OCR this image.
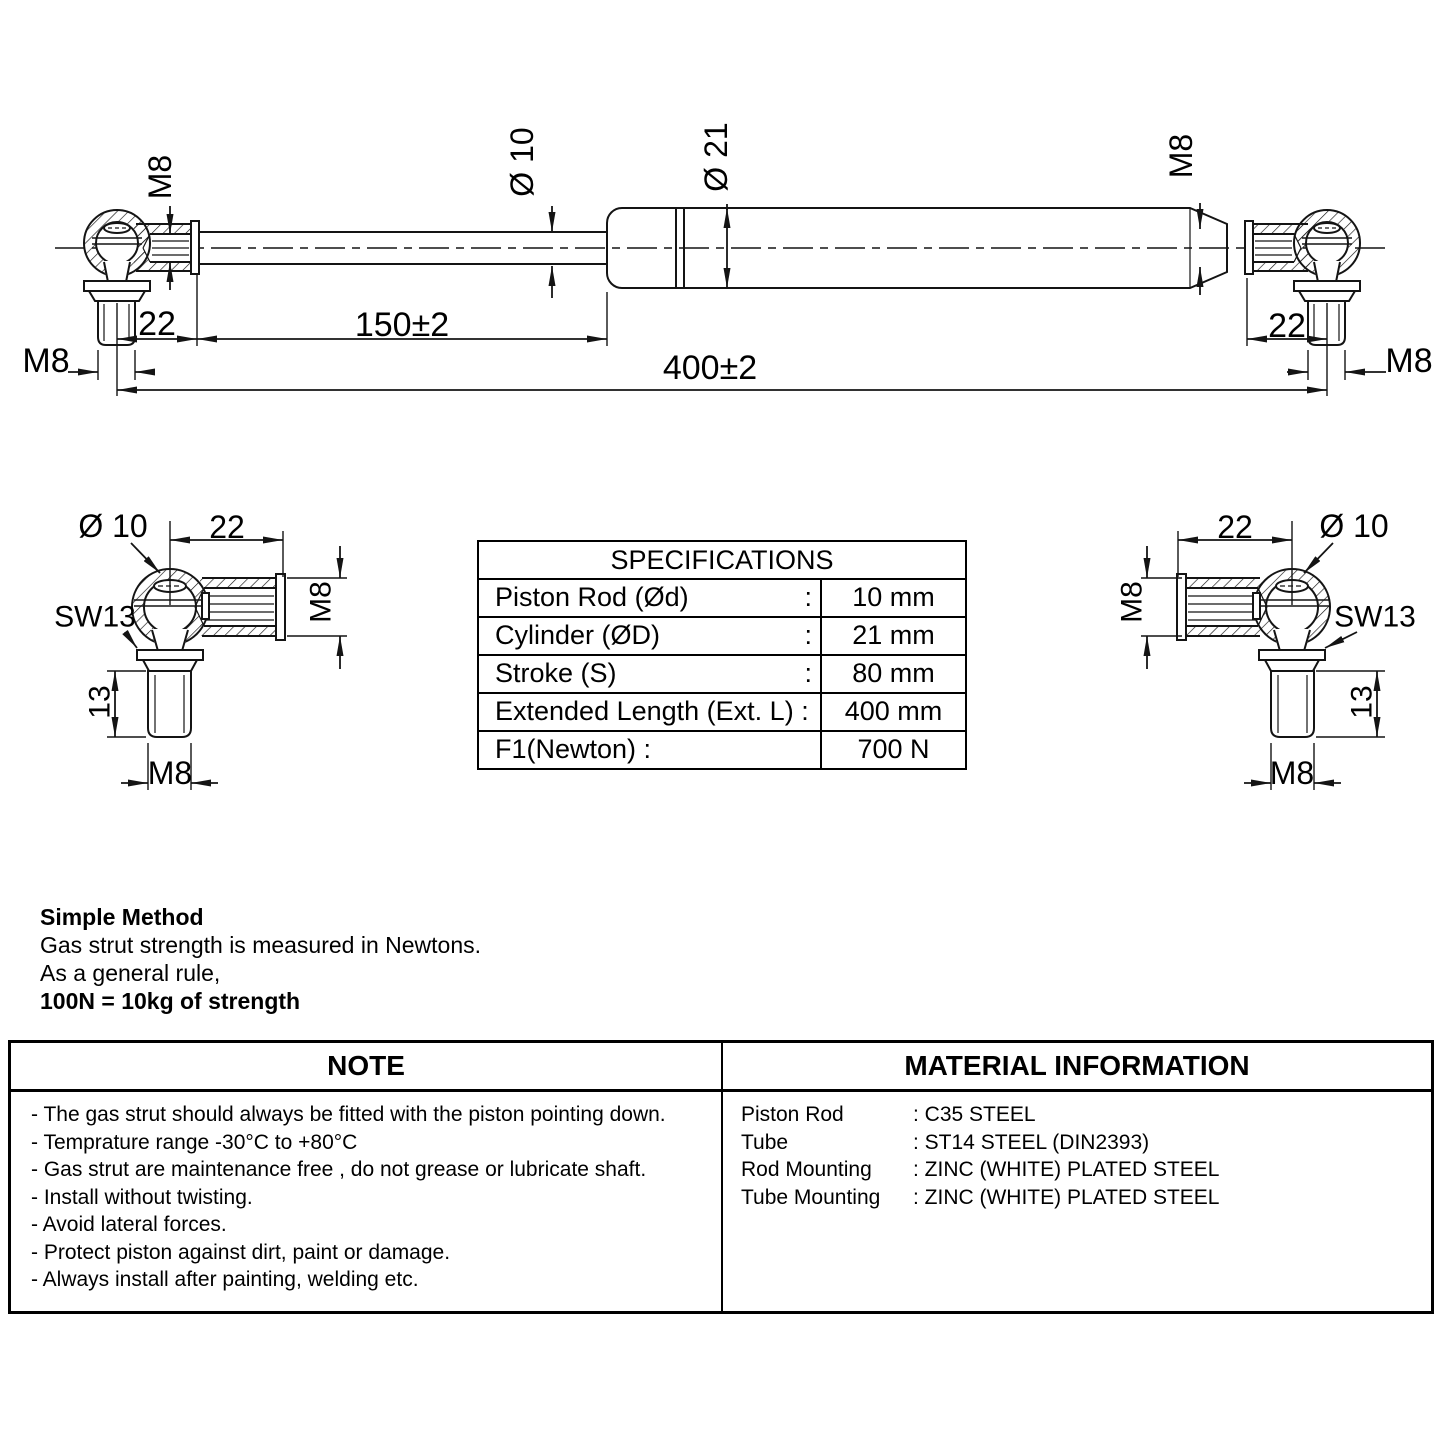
M8	Ø 10	Ø 21	M8
22	150±2	22
M8	400±2	M8
Ø 10 22
M8
SW13
13
M8
22 Ø 10
M8	SW13
13
M8
SPECIFICATIONS
Piston Rod (Ød)	:	10 mm
Cylinder (ØD)	:	21 mm
Stroke (S)	:	80 mm
Extended Length (Ext. L) :	400 mm
F1(Newton) :	700 N
Simple Method
Gas strut strength is measured in Newtons.
As a general rule,
100N = 10kg of strength
NOTE	MATERIAL INFORMATION
- The gas strut should always be fitted with the piston pointing down.
- Temprature range -30°C to +80°C
- Gas strut are maintenance free , do not grease or lubricate shaft.
- Install without twisting.
- Avoid lateral forces.
- Protect piston against dirt, paint or damage.
- Always install after painting, welding etc.
Piston Rod	: C35 STEEL
Tube	: ST14 STEEL (DIN2393)
Rod Mounting	: ZINC (WHITE) PLATED STEEL
Tube Mounting	: ZINC (WHITE) PLATED STEEL
